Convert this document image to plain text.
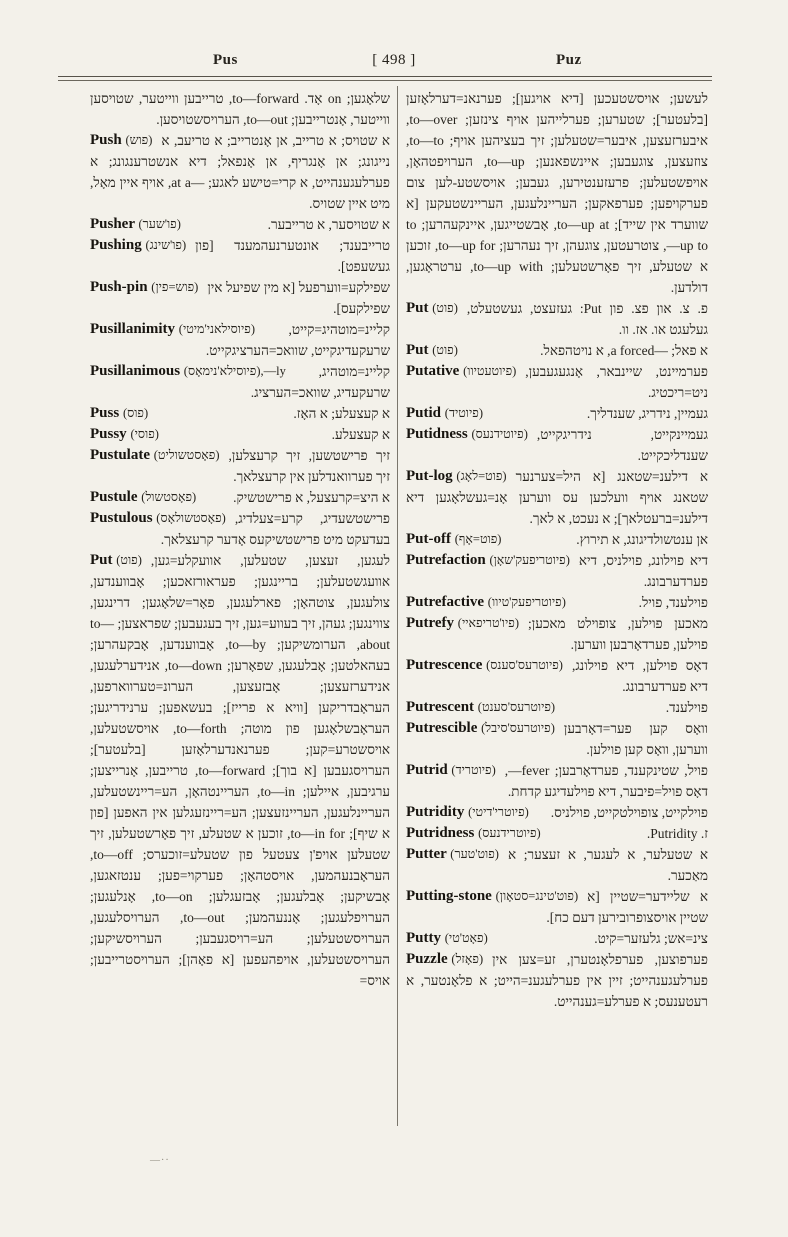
Pus	[ 498 ]	Puz

שלאָגען; on אָד. to—forward, טרייבען ווייטער, שטויסען ווייטער, אָנטרייבען; to—out, הערויסשטויסען.

Push (פוש) א שטויס; א טרייב, אן אָנטרייב; א טריעב, א נייגונג; אן אָנגריף, אן אָנפאל; דיא אנשטרענגונג; א פערלעגענהייט, א קרי=טישע לאגע; at a—, אויף איין מאָל, מיט איין שטויס.

Pusher (פו'שער)	א שטויסער, א טרייבער.

Pushing (פו'שינג) טרייבענד; אונטערנעהמענד [פון געשעפט].

Push-pin (פוש=פין) שפילקע=ווערפעל [א מין שפיעל אין שפילקעס].

Pusillanimity (פיוסילאני'מיטי) קליינ=מוטהיג=קייט, שרעקעדיגקייט, שוואכ=הערציגקייט.

Pusillanimous (פיוסילא'נימאָס),—ly קליינ=מוטהיג, שרעקעדיג, שוואכ=הערציג.

Puss (פוס)	א קעצעלע; א האָז.

Pussy (פוסי)	א קעצעלע.

Pustulate (פאָסטשוליט) זיך פרישטשען, זיך קרעצלען, זיך פערוואנדלען אין קרעצלאך.

Pustule (פאָסטשול)	א היצ=קרעצעל, א פרישטשיק.

Pustulous (פאָסטשולאָס) פרישטשעדיג, קרע=צעלדיג, בעדעקט מיט פרישטשיקעס אָדער קרעצלאך.

Put (פוט) לעגען, זעצען, שטעלען, אוועקלע=גען, אוועגשטעלען; בריינגען; פעראורזאכען; אָבווענדען, צולעגען, צוטהאָן; פארלעגען, פאָר=שלאָגען; דרינגען, צווינגען; געהן, זיך בעווע=גען, זיך בעגעבען; שפראצען; to—about, הערומשיקען; to—by, אָבווענדען, אָבקעהרען; בעהאלטען; אָבלעגען, שפאָרען; to—down, אנידערלעגען, אנידערזעצען; אָבזעצען, הערונ=טערווארפען, העראָבדריקען [וויא א פרייז]; בעשאפען; ערנידריגען; העראָבשלאָגען פון מוטה; to—forth, אויסשטעלען, אויסשטרע=קען; פערנאנדערלאָזען [בלעטער]; הערויסגעבען [א בוך]; to—forward, טרייבען, אָנרייצען; ערגיבען, איילען; to—in, העריינטהאָן, הע=ריינשטעלען, העריינלעגען, העריינזעצען; הע=ריינזעגלען אין האפען [פון א שיף]; to—in for, זוכען א שטעלע, זיך פאָרשטעלען, זיך שטעלען אויפ'ן צעטעל פון שטעלע=זוכערס; to—off, העראָבנעהמען, אויסטהאָן; פערקוי=פען; ענטזאגען, אָבשיקען; אָבלעגען; אָבזעגלען; to—on, אָנלעגען; הערויפלעגען; אָננעהמען; to—out, הערויסלעגען, הערויסשטעלען; הע=רויסגעבען; הערויסשיקען; הערויסשטעלען, אויפהעפען [א פאָהן]; הערויסטרייבען; אויס=

לעשען; אויסשטעכען [דיא אויגען]; פערנאנ=דערלאָזען [בלעטער]; שטערען; פערלייהען אויף צינזען; to—over, איבערזעצען, איבער=שטעלען; זיך בעציהען אויף; to—to, צוזעצען, צוגעבען; איינשפאנען; to—up, הערויפטהאָן, אויפשטעלען; פרעזענטירען, געבען; אויסשטע-לען צום פערקויפען; פערפאקען; העריינלעגען, העריינשטעקען [א שווערד אין שייד]; to—up at, אָבשטייגען, איינקעהרען; to—up to, צוטרעטען, צוגעהן, זיך נעהרען; to—up for, זוכען א שטעלע, זיך פאָרשטעלען; to—up with, ערטראָגען, דולדען.

Put (פוט)	פ. צ. און פצ. פון Put: געזעצט, געשטעלט, געלעגט או. אז. וו.

Put (פוט)	א פאל; a forced—, א נויטהפאל.

Putative (פיוטעטיוו) פערמיינט, שיינבאר, אָנגעגעבען, ניט=ריכטיג.

Putid (פיוטיד)	געמיין, נידריג, שענדליך.

Putidness (פיוטידנעס) געמיינקייט, נידריגקייט, שענדליכקייט.

Put-log (פוט=לאָג) א דילענ=שטאנג [א היל=צערנער שטאנג אויף וועלכען עס ווערען אָנ=געשלאָגען דיא דילענ=ברעטלאך]; א נעכט, א לאך.

Put-off (פוט=אָף)	אן ענטשולדיגונג, א תירוץ.

Putrefaction (פיוטריפעק'שאָן) דיא פוילונג, פוילניס, דיא פערדערבונג.

Putrefactive (פיוטריפעק'טיוו)	פוילענד, פויל.

Putrefy (פיו'טריפאיי) מאכען פוילען, צופוילט מאכען; פוילען, פערדאָרבען ווערען.

Putrescence (פיוטרעס'סענס) דאָס פוילען, דיא פוילונג, דיא פערדערבונג.

Putrescent (פיוטרעס'סענט)	פוילענד.

Putrescible (פיוטרעס'סיבל) וואָס קען פער=דאָרבען ווערען, וואָס קען פוילען.

Putrid (פיוטריד)	פויל, שטינקענד, פערדאָרבען; —fever, דאָס פויל=פיבער, דיא פוילעדיגע קדחת.

Putridity (פיוטרי'דיטי) פוילקייט, צופוילטקייט, פוילניס.

Putridness (פיוטרידנעס)	ז. Putridity.

Putter (פוט'טער) א שטעלער, א לעגער, א זעצער; א מאַכער.

Putting-stone (פוט'טינג=סטאָון) א שליידער=שטיין [א שטיין אויסצופרובירען דעם כח].

Putty (פאָט'טי)	צינ=אש; גלעזער=קיט.

Puzzle (פאָזל) פערפוצען, פערפלאָנטערן, זע=צען אין פערלעגענהייט; זיין אין פערלעגענ=הייט; א פלאָנטער, א רעטענעס; א פערלע=גענהייט.

—··
